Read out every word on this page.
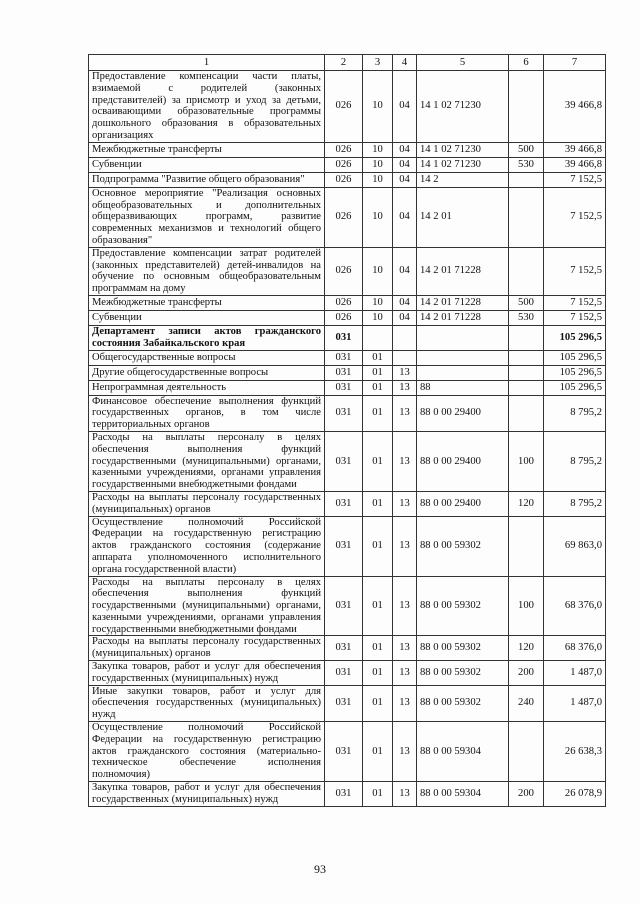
1	2	3	4	5	6	7
Предоставление компенсации части платы, взимаемой с родителей (законных представителей) за присмотр и уход за детьми, осваивающими образовательные программы дошкольного образования в образовательных организациях	026	10	04	14 1 02 71230		39 466,8
Межбюджетные трансферты	026	10	04	14 1 02 71230	500	39 466,8
Субвенции	026	10	04	14 1 02 71230	530	39 466,8
Подпрограмма "Развитие общего образования"	026	10	04	14 2		7 152,5
Основное мероприятие "Реализация основных общеобразовательных и дополнительных общеразвивающих программ, развитие современных механизмов и технологий общего образования"	026	10	04	14 2 01		7 152,5
Предоставление компенсации затрат родителей (законных представителей) детей-инвалидов на обучение по основным общеобразовательным программам на дому	026	10	04	14 2 01 71228		7 152,5
Межбюджетные трансферты	026	10	04	14 2 01 71228	500	7 152,5
Субвенции	026	10	04	14 2 01 71228	530	7 152,5
Департамент записи актов гражданского состояния Забайкальского края	031					105 296,5
Общегосударственные вопросы	031	01				105 296,5
Другие общегосударственные вопросы	031	01	13			105 296,5
Непрограммная деятельность	031	01	13	88		105 296,5
Финансовое обеспечение выполнения функций государственных органов, в том числе территориальных органов	031	01	13	88 0 00 29400		8 795,2
Расходы на выплаты персоналу в целях обеспечения выполнения функций государственными (муниципальными) органами, казенными учреждениями, органами управления государственными внебюджетными фондами	031	01	13	88 0 00 29400	100	8 795,2
Расходы на выплаты персоналу государственных (муниципальных) органов	031	01	13	88 0 00 29400	120	8 795,2
Осуществление полномочий Российской Федерации на государственную регистрацию актов гражданского состояния (содержание аппарата уполномоченного исполнительного органа государственной власти)	031	01	13	88 0 00 59302		69 863,0
Расходы на выплаты персоналу в целях обеспечения выполнения функций государственными (муниципальными) органами, казенными учреждениями, органами управления государственными внебюджетными фондами	031	01	13	88 0 00 59302	100	68 376,0
Расходы на выплаты персоналу государственных (муниципальных) органов	031	01	13	88 0 00 59302	120	68 376,0
Закупка товаров, работ и услуг для обеспечения государственных (муниципальных) нужд	031	01	13	88 0 00 59302	200	1 487,0
Иные закупки товаров, работ и услуг для обеспечения государственных (муниципальных) нужд	031	01	13	88 0 00 59302	240	1 487,0
Осуществление полномочий Российской Федерации на государственную регистрацию актов гражданского состояния (материально-техническое обеспечение исполнения полномочия)	031	01	13	88 0 00 59304		26 638,3
Закупка товаров, работ и услуг для обеспечения государственных (муниципальных) нужд	031	01	13	88 0 00 59304	200	26 078,9
93
